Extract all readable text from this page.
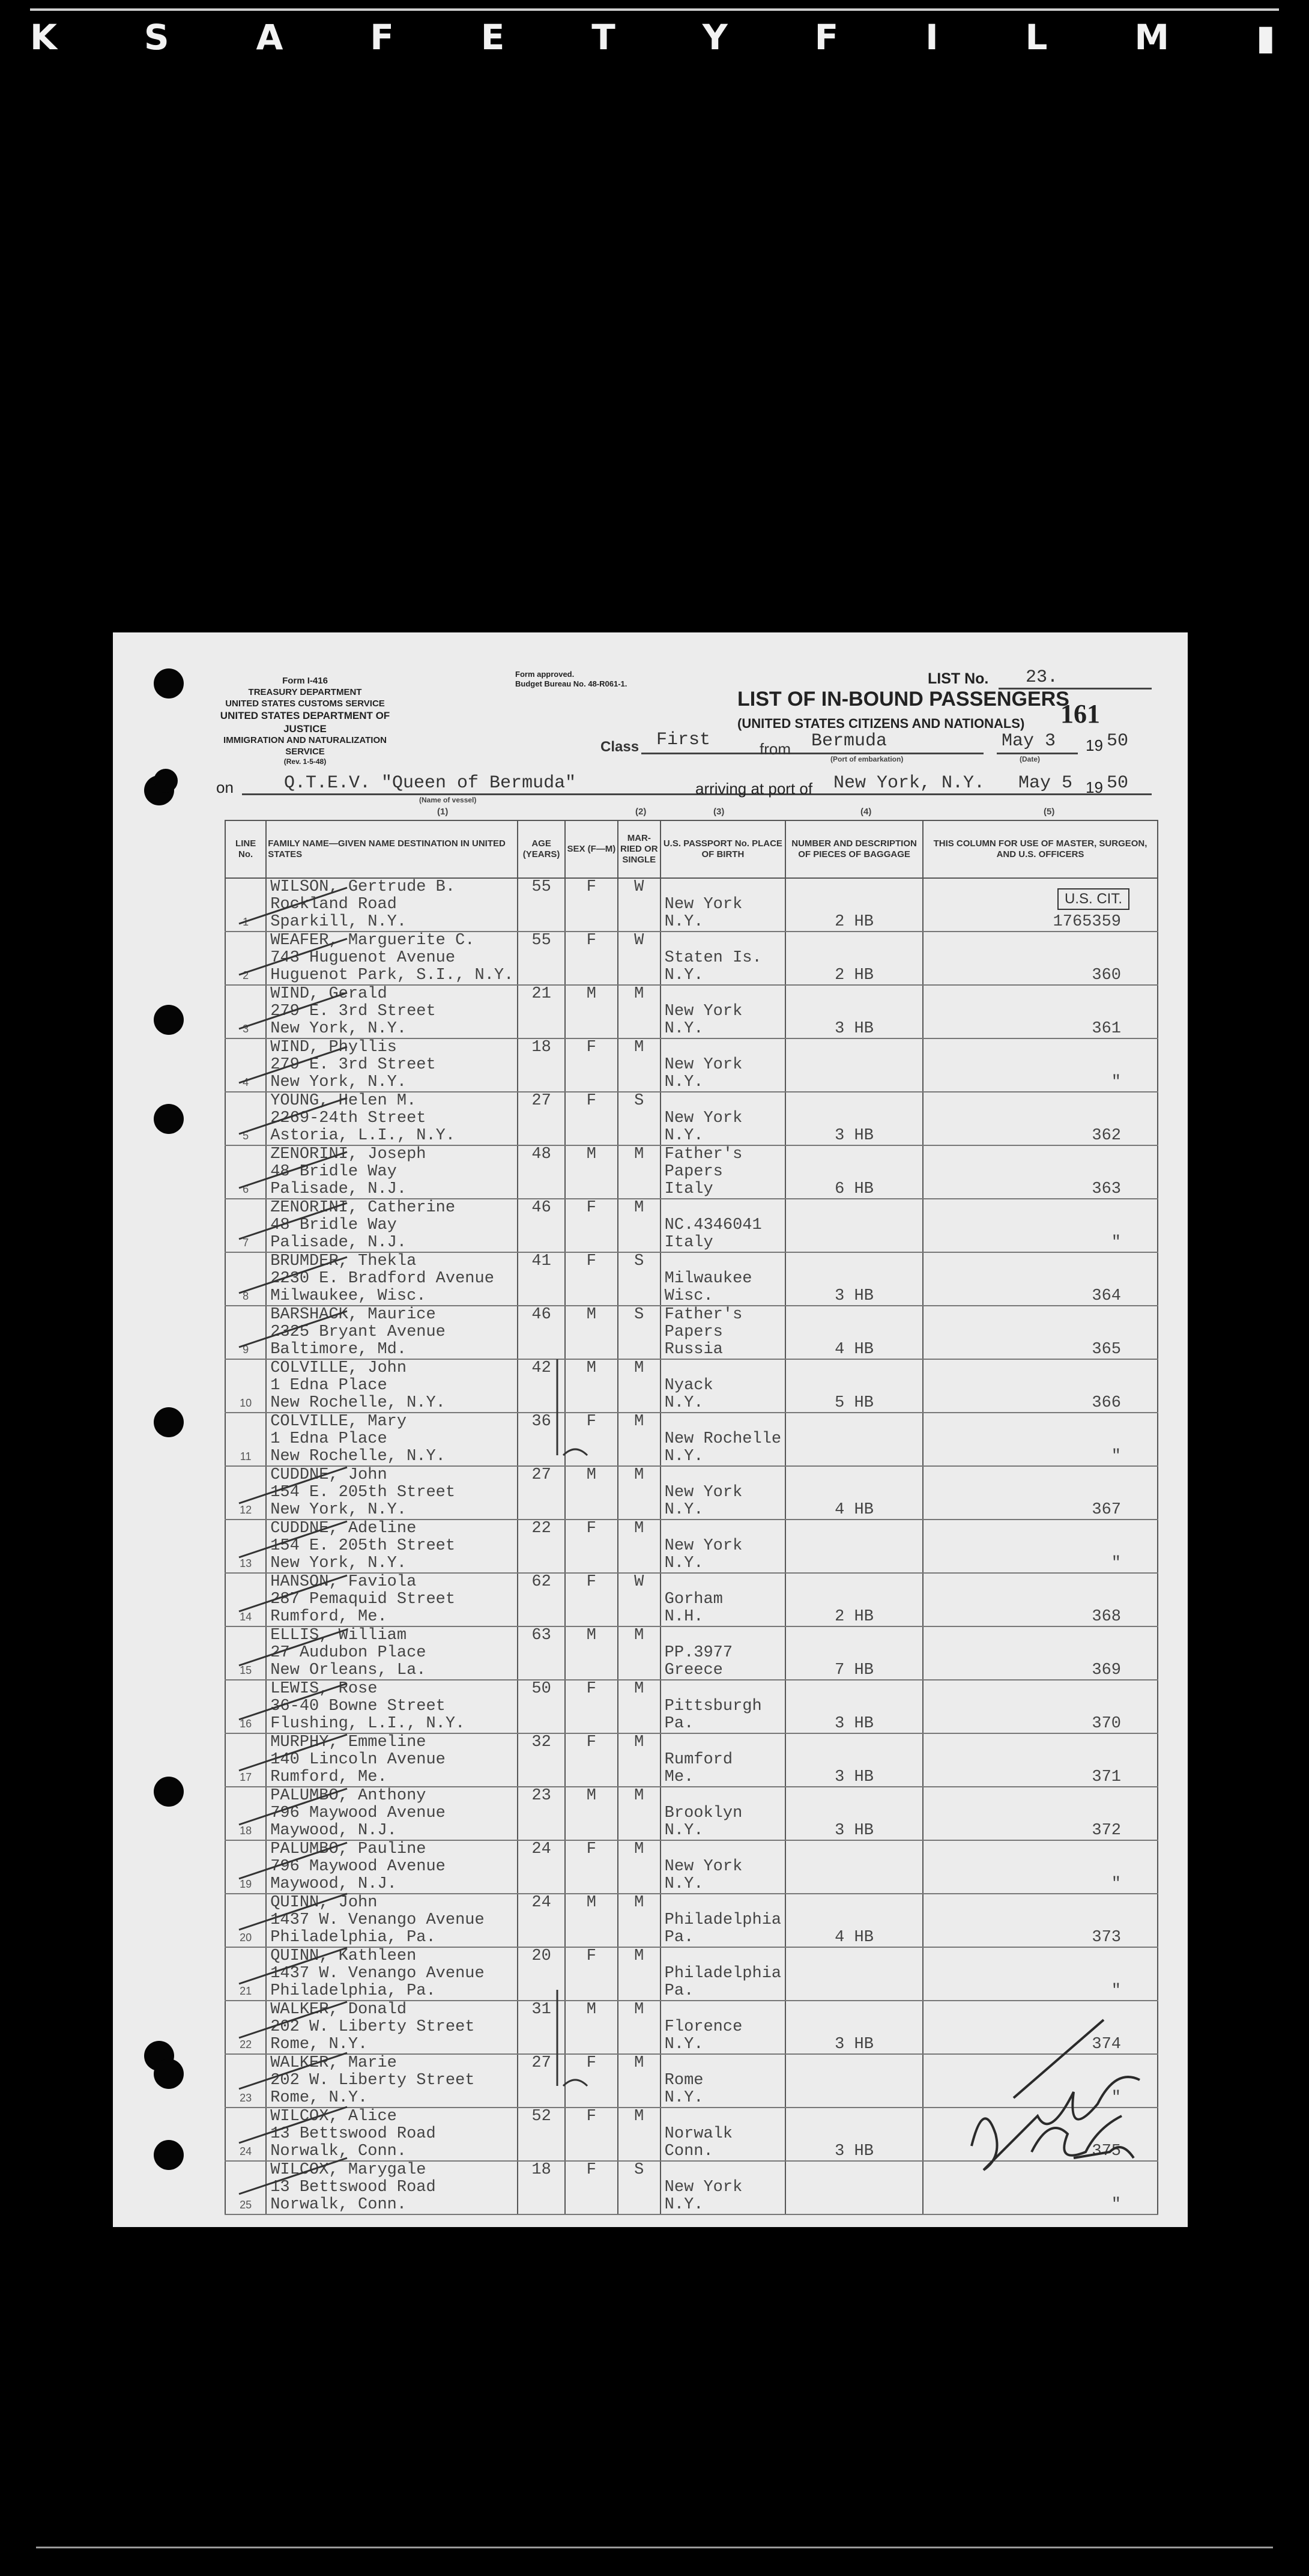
K S A F E T Y F I L M ▮
Form I-416
TREASURY DEPARTMENT
UNITED STATES CUSTOMS SERVICE
UNITED STATES DEPARTMENT OF JUSTICE
IMMIGRATION AND NATURALIZATION SERVICE
(Rev. 1-5-48)
Form approved.
Budget Bureau No. 48-R061-1.	LIST No. 23.
LIST OF IN-BOUND PASSENGERS
(UNITED STATES CITIZENS AND NATIONALS) 161
Class First	from Bermuda
(Port of embarkation)
May 3
(Date)
19 50
on	Q.T.E.V. "Queen of Bermuda"
(Name of vessel)
arriving at port of New York, N.Y. May 5 19 50
(1)	(2)	(3)	(4)	(5)
LINE No.	FAMILY NAME—GIVEN NAME DESTINATION IN UNITED STATES	AGE (YEARS)	SEX (F—M)	MAR-RIED OR SINGLE	U.S. PASSPORT No. PLACE OF BIRTH	NUMBER AND DESCRIPTION OF PIECES OF BAGGAGE	THIS COLUMN FOR USE OF MASTER, SURGEON, AND U.S. OFFICERS
1	WILSON, Gertrude B.
Rockland Road
Sparkill, N.Y.	55	F	W	New York
N.Y.	2 HB	1765359
2	WEAFER, Marguerite C.
743 Huguenot Avenue
Huguenot Park, S.I., N.Y.	55	F	W	Staten Is.
N.Y.	2 HB	360
3	WIND, Gerald
279 E. 3rd Street
New York, N.Y.	21	M	M	New York
N.Y.	3 HB	361
4	WIND, Phyllis
279 E. 3rd Street
New York, N.Y.	18	F	M	New York
N.Y.		"
5	YOUNG, Helen M.
2269-24th Street
Astoria, L.I., N.Y.	27	F	S	New York
N.Y.	3 HB	362
6	ZENORINI, Joseph
48 Bridle Way
Palisade, N.J.	48	M	M	Father's
Papers
Italy	6 HB	363
7	ZENORINI, Catherine
48 Bridle Way
Palisade, N.J.	46	F	M	NC.4346041
Italy		"
8	BRUMDER, Thekla
2230 E. Bradford Avenue
Milwaukee, Wisc.	41	F	S	Milwaukee
Wisc.	3 HB	364
9	BARSHACK, Maurice
2325 Bryant Avenue
Baltimore, Md.	46	M	S	Father's
Papers
Russia	4 HB	365
10	COLVILLE, John
1 Edna Place
New Rochelle, N.Y.	42	M	M	Nyack
N.Y.	5 HB	366
11	COLVILLE, Mary
1 Edna Place
New Rochelle, N.Y.	36	F	M	New Rochelle
N.Y.		"
12	CUDDNE, John
154 E. 205th Street
New York, N.Y.	27	M	M	New York
N.Y.	4 HB	367
13	CUDDNE, Adeline
154 E. 205th Street
New York, N.Y.	22	F	M	New York
N.Y.		"
14	HANSON, Faviola
287 Pemaquid Street
Rumford, Me.	62	F	W	Gorham
N.H.	2 HB	368
15	ELLIS, William
27 Audubon Place
New Orleans, La.	63	M	M	PP.3977
Greece	7 HB	369
16	LEWIS, Rose
36-40 Bowne Street
Flushing, L.I., N.Y.	50	F	M	Pittsburgh
Pa.	3 HB	370
17	MURPHY, Emmeline
140 Lincoln Avenue
Rumford, Me.	32	F	M	Rumford
Me.	3 HB	371
18	PALUMBO, Anthony
796 Maywood Avenue
Maywood, N.J.	23	M	M	Brooklyn
N.Y.	3 HB	372
19	PALUMBO, Pauline
796 Maywood Avenue
Maywood, N.J.	24	F	M	New York
N.Y.		"
20	QUINN, John
1437 W. Venango Avenue
Philadelphia, Pa.	24	M	M	Philadelphia
Pa.	4 HB	373
21	QUINN, Kathleen
1437 W. Venango Avenue
Philadelphia, Pa.	20	F	M	Philadelphia
Pa.		"
22	WALKER, Donald
202 W. Liberty Street
Rome, N.Y.	31	M	M	Florence
N.Y.	3 HB	374
23	WALKER, Marie
202 W. Liberty Street
Rome, N.Y.	27	F	M	Rome
N.Y.		"
24	WILCOX, Alice
13 Bettswood Road
Norwalk, Conn.	52	F	M	Norwalk
Conn.	3 HB	375
25	WILCOX, Marygale
13 Bettswood Road
Norwalk, Conn.	18	F	S	New York
N.Y.		"
U.S. CIT.
